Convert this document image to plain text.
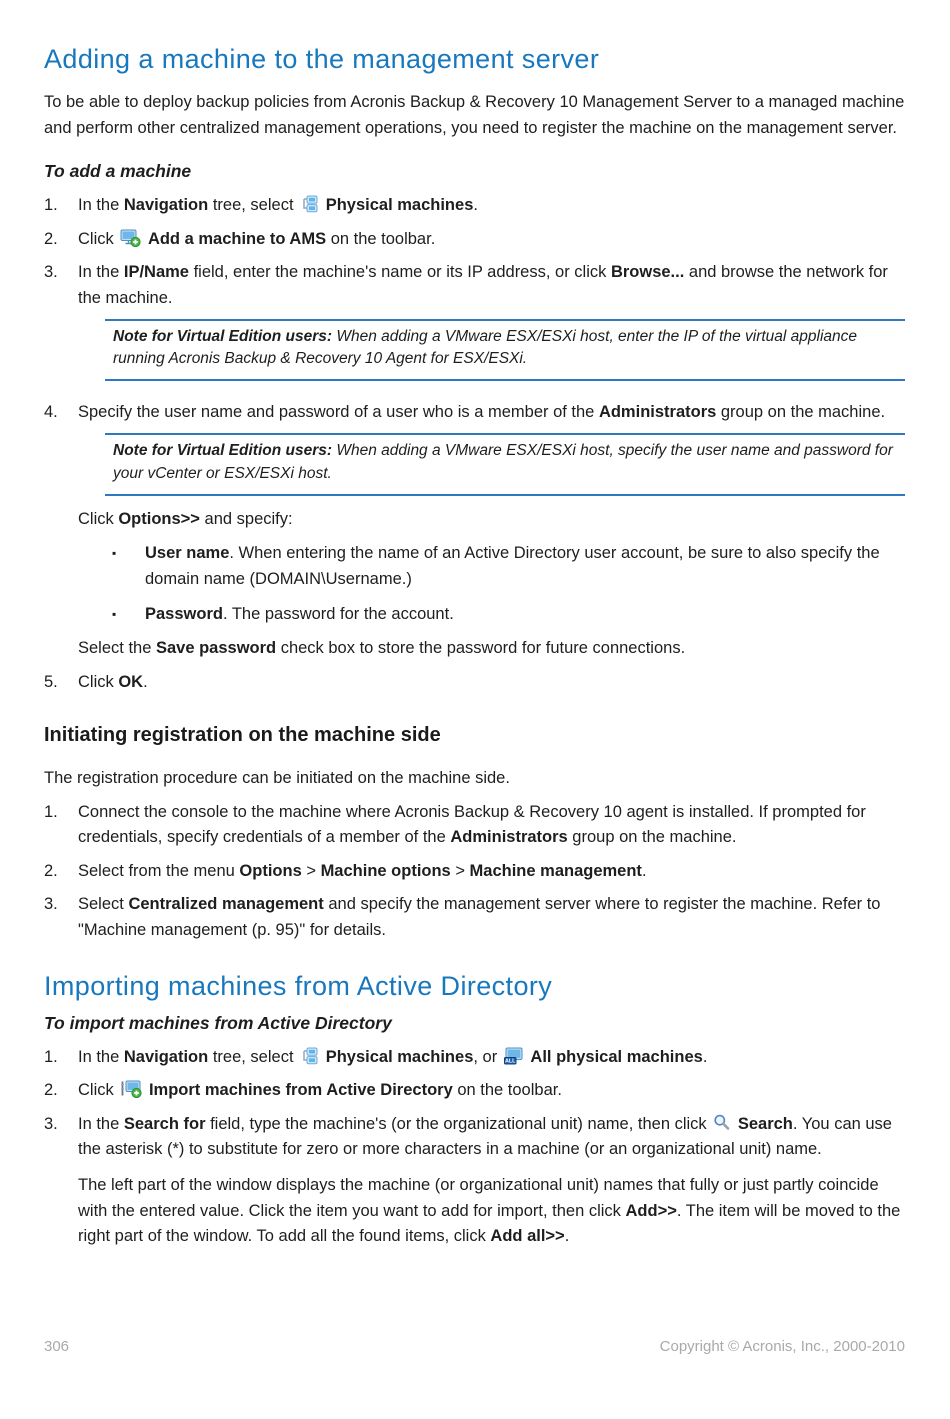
Adding a machine to the management server

To be able to deploy backup policies from Acronis Backup & Recovery 10 Management Server to a managed machine and perform other centralized management operations, you need to register the machine on the management server.

To add a machine
1.	In the Navigation tree, select  Physical machines.
2.	Click  Add a machine to AMS on the toolbar.
3.	In the IP/Name field, enter the machine's name or its IP address, or click Browse... and browse the network for the machine.
Note for Virtual Edition users: When adding a VMware ESX/ESXi host, enter the IP of the virtual appliance running Acronis Backup & Recovery 10 Agent for ESX/ESXi.
4.	Specify the user name and password of a user who is a member of the Administrators group on the machine.
Note for Virtual Edition users: When adding a VMware ESX/ESXi host, specify the user name and password for your vCenter or ESX/ESXi host.
Click Options>> and specify:
▪	User name. When entering the name of an Active Directory user account, be sure to also specify the domain name (DOMAIN\Username.)
▪	Password. The password for the account.
Select the Save password check box to store the password for future connections.
5.	Click OK.
Initiating registration on the machine side

The registration procedure can be initiated on the machine side.

1.	Connect the console to the machine where Acronis Backup & Recovery 10 agent is installed. If prompted for credentials, specify credentials of a member of the Administrators group on the machine.
2.	Select from the menu Options > Machine options > Machine management.
3.	Select Centralized management and specify the management server where to register the machine. Refer to "Machine management (p. 95)" for details.
Importing machines from Active Directory
To import machines from Active Directory
1.	In the Navigation tree, select  Physical machines, or ALL All physical machines.
2.	Click  Import machines from Active Directory on the toolbar.
3.	In the Search for field, type the machine's (or the organizational unit) name, then click  Search. You can use the asterisk (*) to substitute for zero or more characters in a machine (or an organizational unit) name.
The left part of the window displays the machine (or organizational unit) names that fully or just partly coincide with the entered value. Click the item you want to add for import, then click Add>>. The item will be moved to the right part of the window. To add all the found items, click Add all>>.
306	Copyright © Acronis, Inc., 2000-2010
